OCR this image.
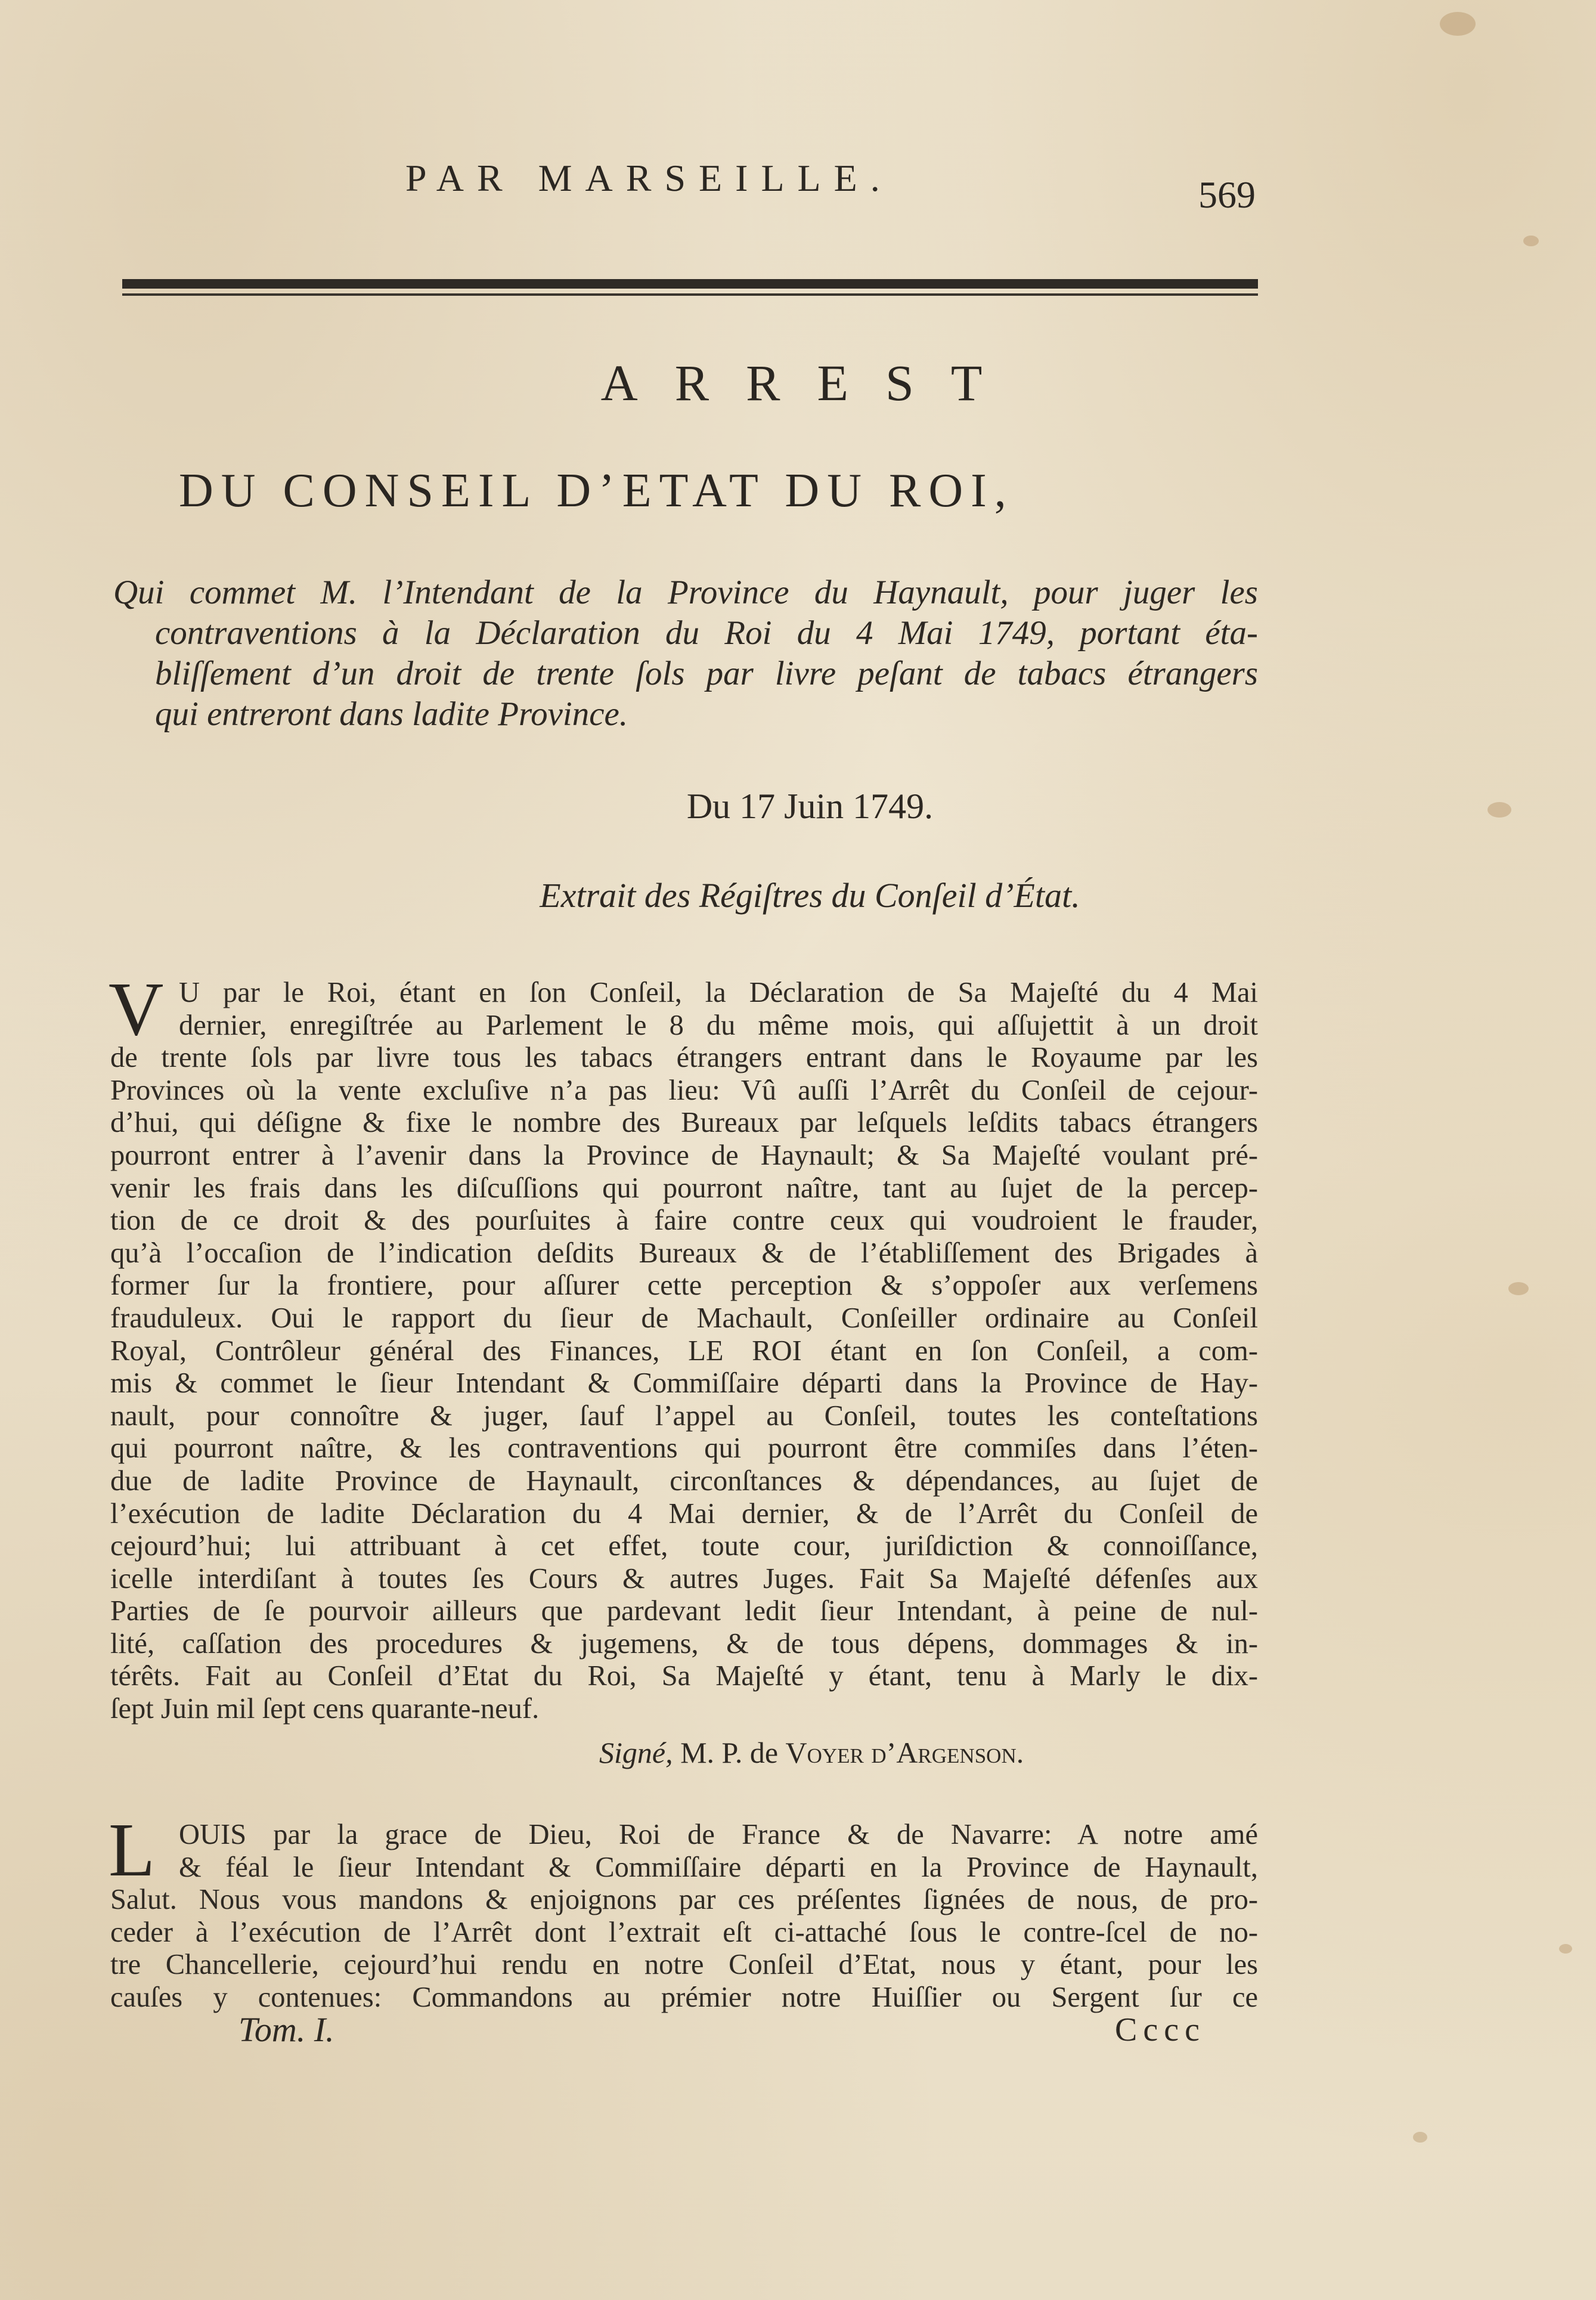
PAR MARSEILLE.	569
ARREST
DU CONSEIL D’ETAT DU ROI,
Qui commet M. l’Intendant de la Province du Haynault, pour juger les
contraventions à la Déclaration du Roi du 4 Mai 1749, portant éta-
bliſſement d’un droit de trente ſols par livre peſant de tabacs étrangers
qui entreront dans ladite Province.
Du 17 Juin 1749.
Extrait des Régiſtres du Conſeil d’État.
V U par le Roi, étant en ſon Conſeil, la Déclaration de Sa Majeſté du 4 Mai
dernier, enregiſtrée au Parlement le 8 du même mois, qui aſſujettit à un droit
de trente ſols par livre tous les tabacs étrangers entrant dans le Royaume par les
Provinces où la vente excluſive n’a pas lieu: Vû auſſi l’Arrêt du Conſeil de cejour-
d’hui, qui déſigne & fixe le nombre des Bureaux par leſquels leſdits tabacs étrangers
pourront entrer à l’avenir dans la Province de Haynault; & Sa Majeſté voulant pré-
venir les frais dans les diſcuſſions qui pourront naître, tant au ſujet de la percep-
tion de ce droit & des pourſuites à faire contre ceux qui voudroient le frauder,
qu’à l’occaſion de l’indication deſdits Bureaux & de l’établiſſement des Brigades à
former ſur la frontiere, pour aſſurer cette perception & s’oppoſer aux verſemens
frauduleux. Oui le rapport du ſieur de Machault, Conſeiller ordinaire au Conſeil
Royal, Contrôleur général des Finances, LE ROI étant en ſon Conſeil, a com-
mis & commet le ſieur Intendant & Commiſſaire départi dans la Province de Hay-
nault, pour connoître & juger, ſauf l’appel au Conſeil, toutes les conteſtations
qui pourront naître, & les contraventions qui pourront être commiſes dans l’éten-
due de ladite Province de Haynault, circonſtances & dépendances, au ſujet de
l’exécution de ladite Déclaration du 4 Mai dernier, & de l’Arrêt du Conſeil de
cejourd’hui; lui attribuant à cet effet, toute cour, juriſdiction & connoiſſance,
icelle interdiſant à toutes ſes Cours & autres Juges. Fait Sa Majeſté défenſes aux
Parties de ſe pourvoir ailleurs que pardevant ledit ſieur Intendant, à peine de nul-
lité, caſſation des procedures & jugemens, & de tous dépens, dommages & in-
térêts. Fait au Conſeil d’Etat du Roi, Sa Majeſté y étant, tenu à Marly le dix-
ſept Juin mil ſept cens quarante-neuf.
Signé, M. P. de Voyer d’Argenson.
L OUIS par la grace de Dieu, Roi de France & de Navarre: A notre amé
& féal le ſieur Intendant & Commiſſaire départi en la Province de Haynault,
Salut. Nous vous mandons & enjoignons par ces préſentes ſignées de nous, de pro-
ceder à l’exécution de l’Arrêt dont l’extrait eſt ci-attaché ſous le contre-ſcel de no-
tre Chancellerie, cejourd’hui rendu en notre Conſeil d’Etat, nous y étant, pour les
cauſes y contenues: Commandons au prémier notre Huiſſier ou Sergent ſur ce
Tom. I.	Cccc
